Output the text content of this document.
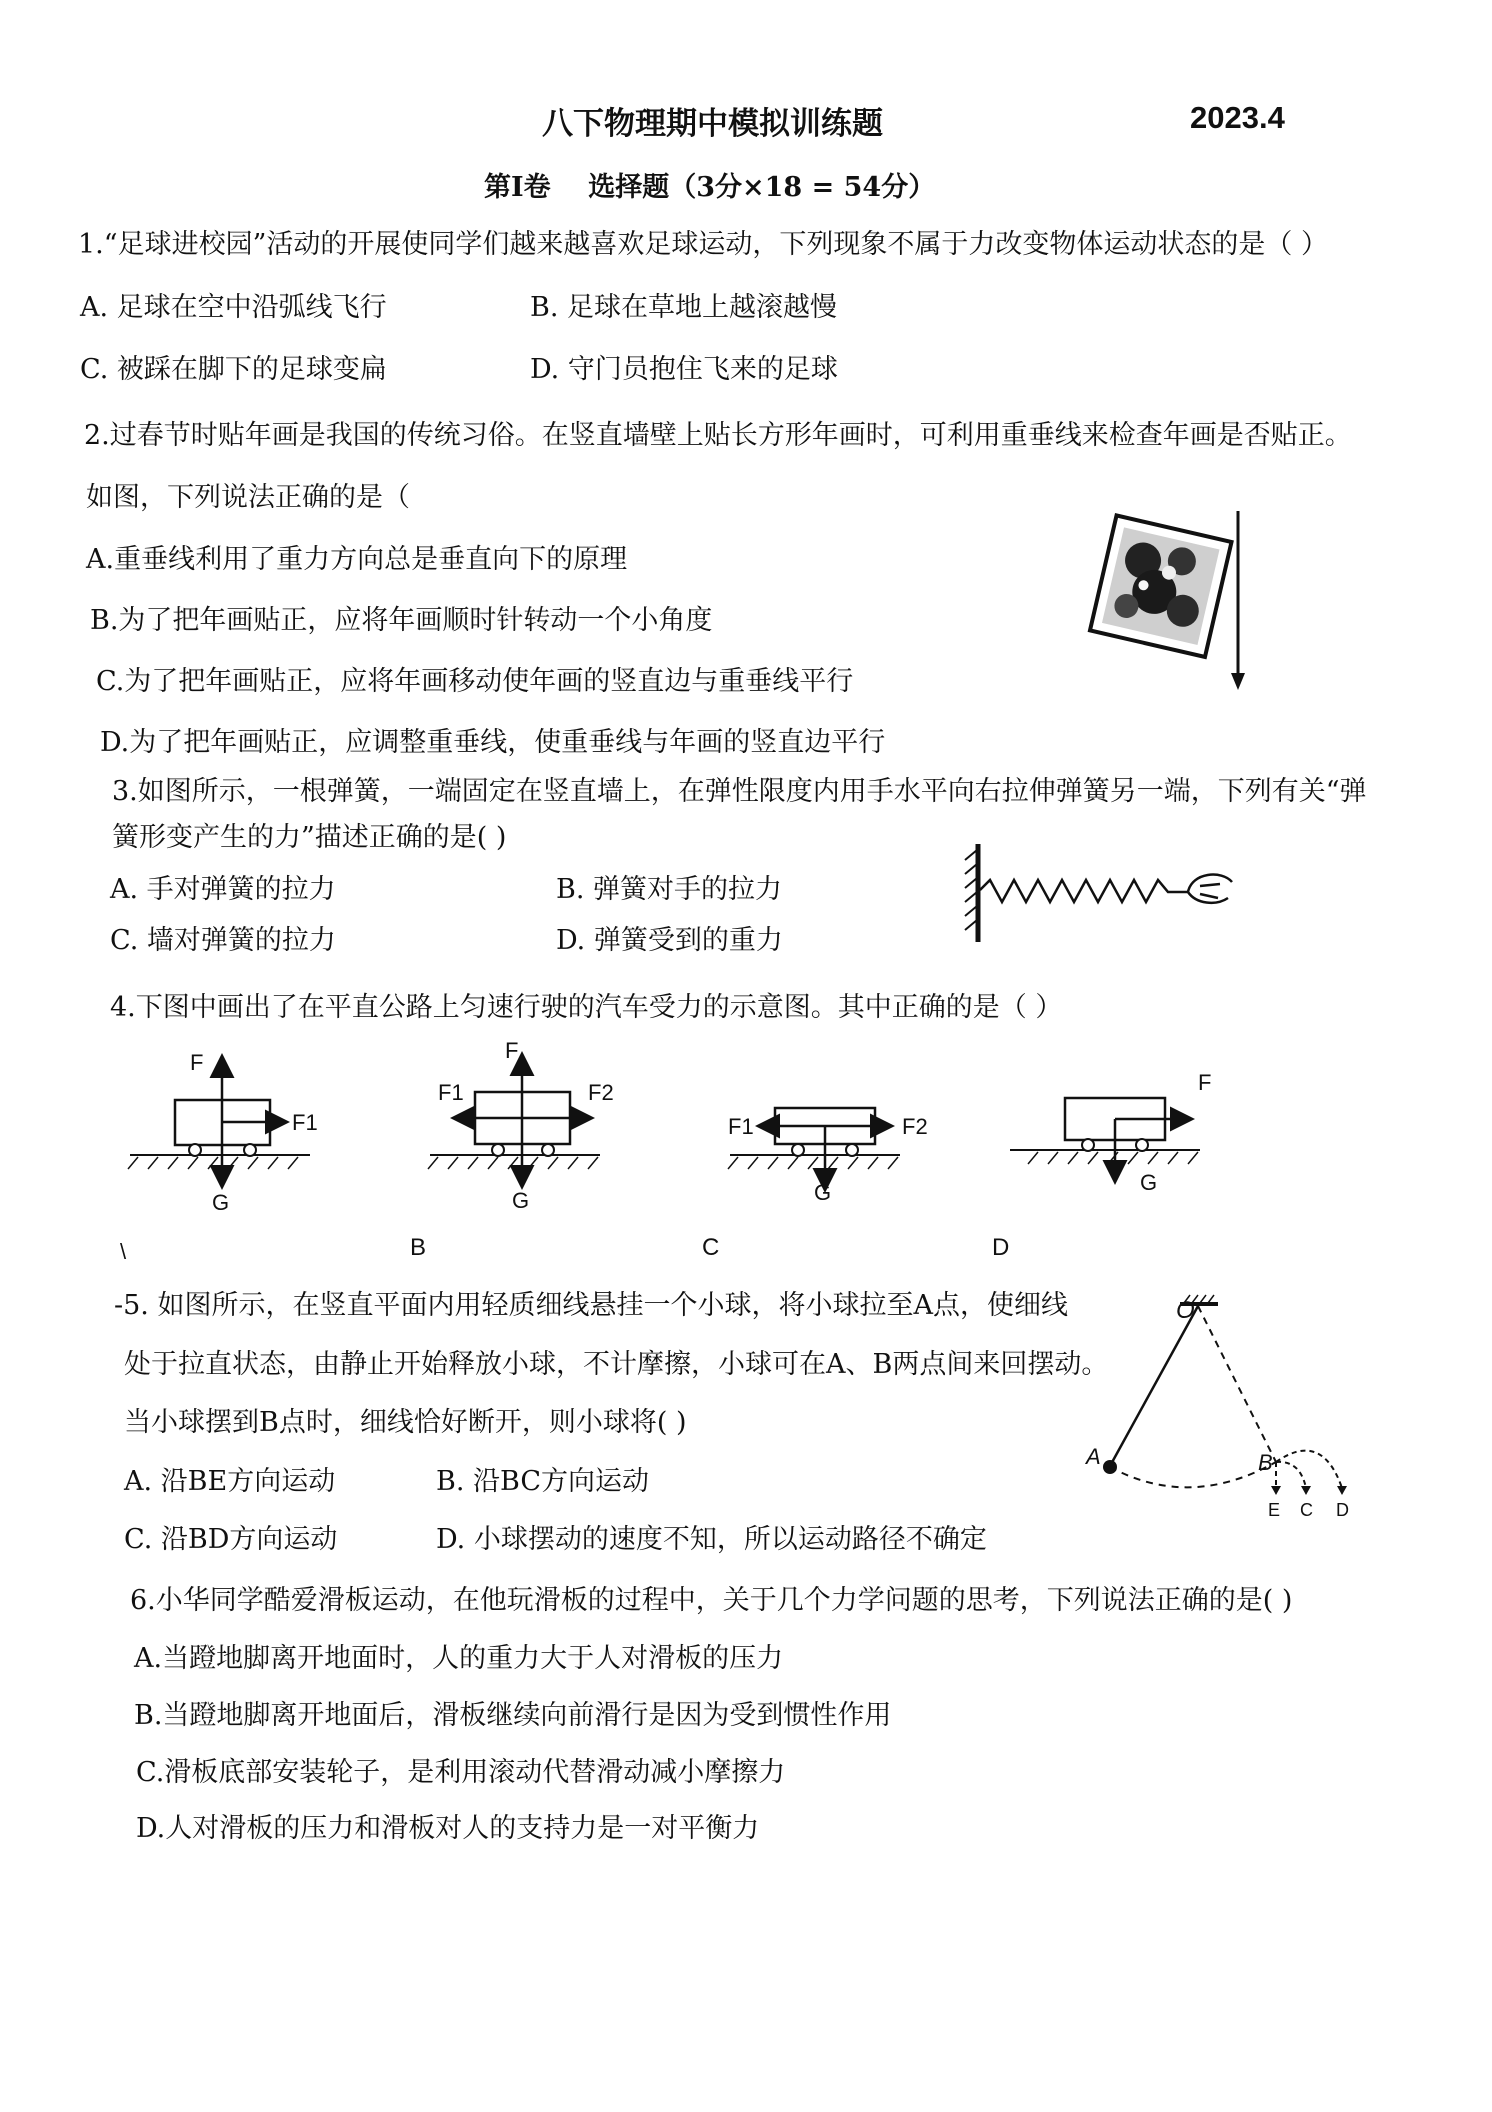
八下物理期中模拟训练题	2023.4
第Ⅰ卷    选择题（3分×18 = 54分）
1.“足球进校园”活动的开展使同学们越来越喜欢足球运动，下列现象不属于力改变物体运动状态的是（ ）
A. 足球在空中沿弧线飞行	B. 足球在草地上越滚越慢
C. 被踩在脚下的足球变扁	D. 守门员抱住飞来的足球
2.过春节时贴年画是我国的传统习俗。在竖直墙壁上贴长方形年画时，可利用重垂线来检查年画是否贴正。
如图，下列说法正确的是（
A.重垂线利用了重力方向总是垂直向下的原理
B.为了把年画贴正，应将年画顺时针转动一个小角度
C.为了把年画贴正，应将年画移动使年画的竖直边与重垂线平行
D.为了把年画贴正，应调整重垂线，使重垂线与年画的竖直边平行
3.如图所示，一根弹簧，一端固定在竖直墙上，在弹性限度内用手水平向右拉伸弹簧另一端，下列有关“弹
簧形变产生的力”描述正确的是( )
A. 手对弹簧的拉力	B. 弹簧对手的拉力
C. 墙对弹簧的拉力	D. 弹簧受到的重力
4.下图中画出了在平直公路上匀速行驶的汽车受力的示意图。其中正确的是（ ）
F
F1
G
F
F1	F2
G
F1	F2
G
F
G
\	B	C	D
-5. 如图所示，在竖直平面内用轻质细线悬挂一个小球，将小球拉至A点，使细线
处于拉直状态，由静止开始释放小球，不计摩擦，小球可在A、B两点间来回摆动。
当小球摆到B点时，细线恰好断开，则小球将( )
A. 沿BE方向运动	B. 沿BC方向运动
C. 沿BD方向运动	D. 小球摆动的速度不知，所以运动路径不确定
O
A	B
E C D
6.小华同学酷爱滑板运动，在他玩滑板的过程中，关于几个力学问题的思考，下列说法正确的是( )
A.当蹬地脚离开地面时，人的重力大于人对滑板的压力
B.当蹬地脚离开地面后，滑板继续向前滑行是因为受到惯性作用
C.滑板底部安装轮子，是利用滚动代替滑动减小摩擦力
D.人对滑板的压力和滑板对人的支持力是一对平衡力
